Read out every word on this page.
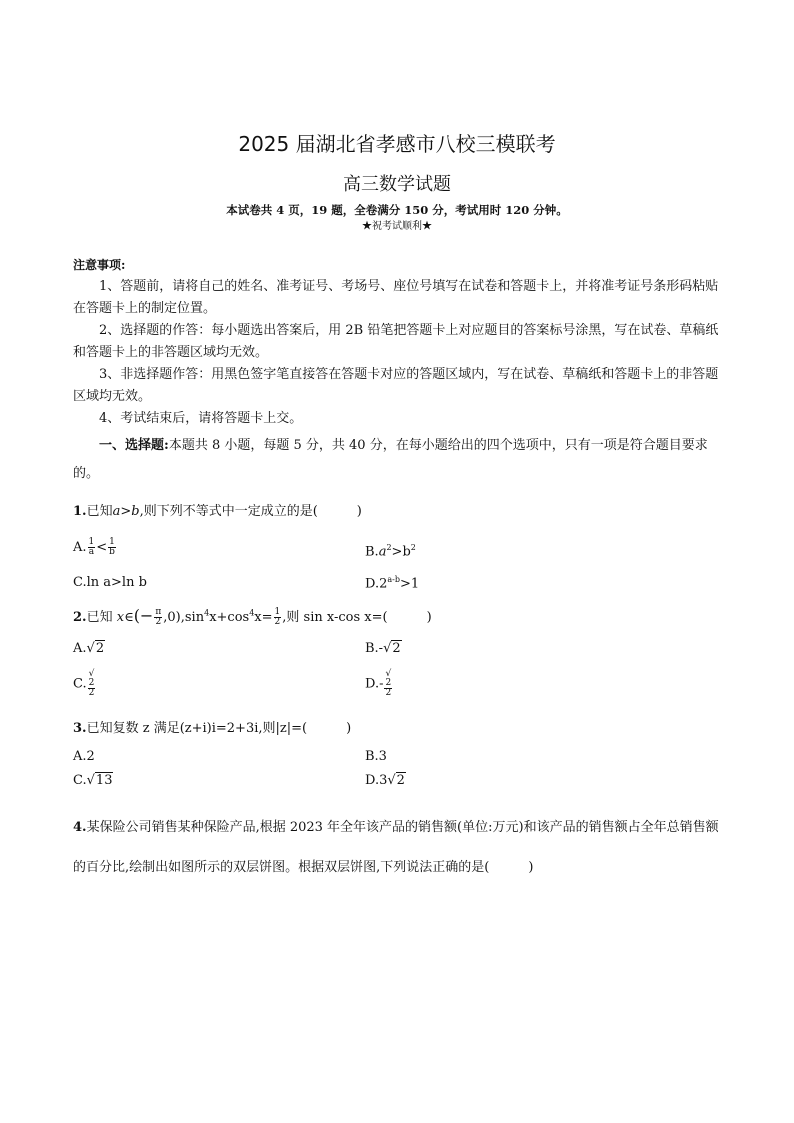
2025 届湖北省孝感市八校三模联考
高三数学试题
本试卷共 4 页，19 题，全卷满分 150 分，考试用时 120 分钟。
★祝考试顺利★
注意事项:
1、答题前，请将自己的姓名、准考证号、考场号、座位号填写在试卷和答题卡上，并将准考证号条形码粘贴在答题卡上的制定位置。
2、选择题的作答：每小题选出答案后，用 2B 铅笔把答题卡上对应题目的答案标号涂黑，写在试卷、草稿纸和答题卡上的非答题区域均无效。
3、非选择题作答：用黑色签字笔直接答在答题卡对应的答题区域内，写在试卷、草稿纸和答题卡上的非答题区域均无效。
4、考试结束后，请将答题卡上交。
一、选择题:本题共 8 小题，每题 5 分，共 40 分，在每小题给出的四个选项中，只有一项是符合题目要求的。
1.已知a>b,则下列不等式中一定成立的是(　　　)
A. $\frac{1}{a} < \frac{1}{b}$	$B.a^2>b^2$
C.ln a>ln b	$D.2^{a-b}>1$
2.已知 x∈(− $\frac{\pi}{2} ,0),\sin^4x+\cos^4x= \frac{1}{2}$ ,则 sin x-cos x=(　　　)
A.√2	B.-√2
C. √
2
2	D.- √
2
2
3.已知复数 z 满足(z+i)i=2+3i,则|z|=(　　　)
A.2	B.3
C.√13	D.3√2
4.某保险公司销售某种保险产品,根据 2023 年全年该产品的销售额(单位:万元)和该产品的销售额占全年总销售额的百分比,绘制出如图所示的双层饼图。根据双层饼图,下列说法正确的是(　　　)
